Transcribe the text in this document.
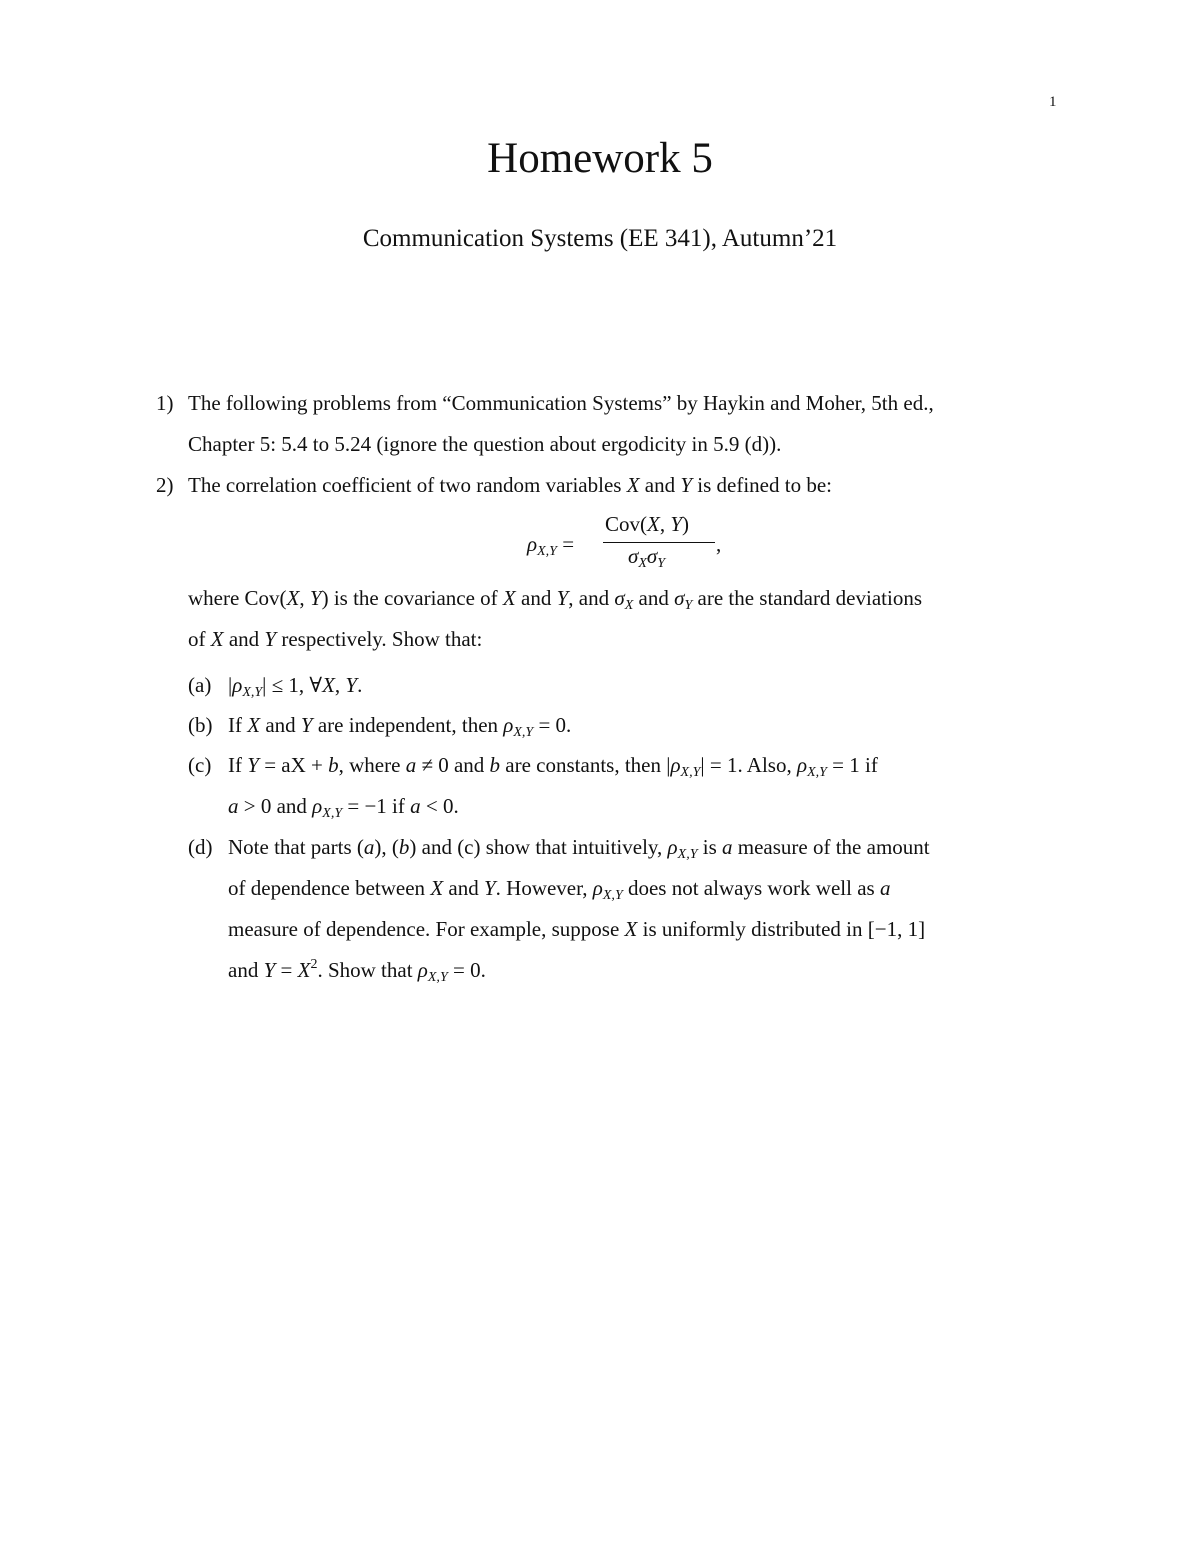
1
Homework 5
Communication Systems (EE 341), Autumn’21
1) The following problems from “Communication Systems” by Haykin and Moher, 5th ed.,
Chapter 5: 5.4 to 5.24 (ignore the question about ergodicity in 5.9 (d)).
2) The correlation coefficient of two random variables X and Y is defined to be:
$\rho_{X,Y}$ =
Cov(X, Y)
$\sigma_X\sigma_Y$
,
where Cov(X, Y) is the covariance of X and Y, and $\sigma_X$ and $\sigma_Y$ are the standard deviations
of X and Y respectively. Show that:
(a) $|\rho_{X,Y}| \le 1$, ∀X, Y.
(b) If X and Y are independent, then $\rho_{X,Y} = 0$.
(c) If Y = aX + b, where a ≠ 0 and b are constants, then $|\rho_{X,Y}| = 1$. Also, $\rho_{X,Y} = 1$ if
a > 0 and $\rho_{X,Y} = -1$ if a < 0.
(d) Note that parts (a), (b) and (c) show that intuitively, $\rho_{X,Y}$ is a measure of the amount
of dependence between X and Y. However, $\rho_{X,Y}$ does not always work well as a
measure of dependence. For example, suppose X is uniformly distributed in [−1, 1]
and $Y = X^2$. Show that $\rho_{X,Y} = 0$.
